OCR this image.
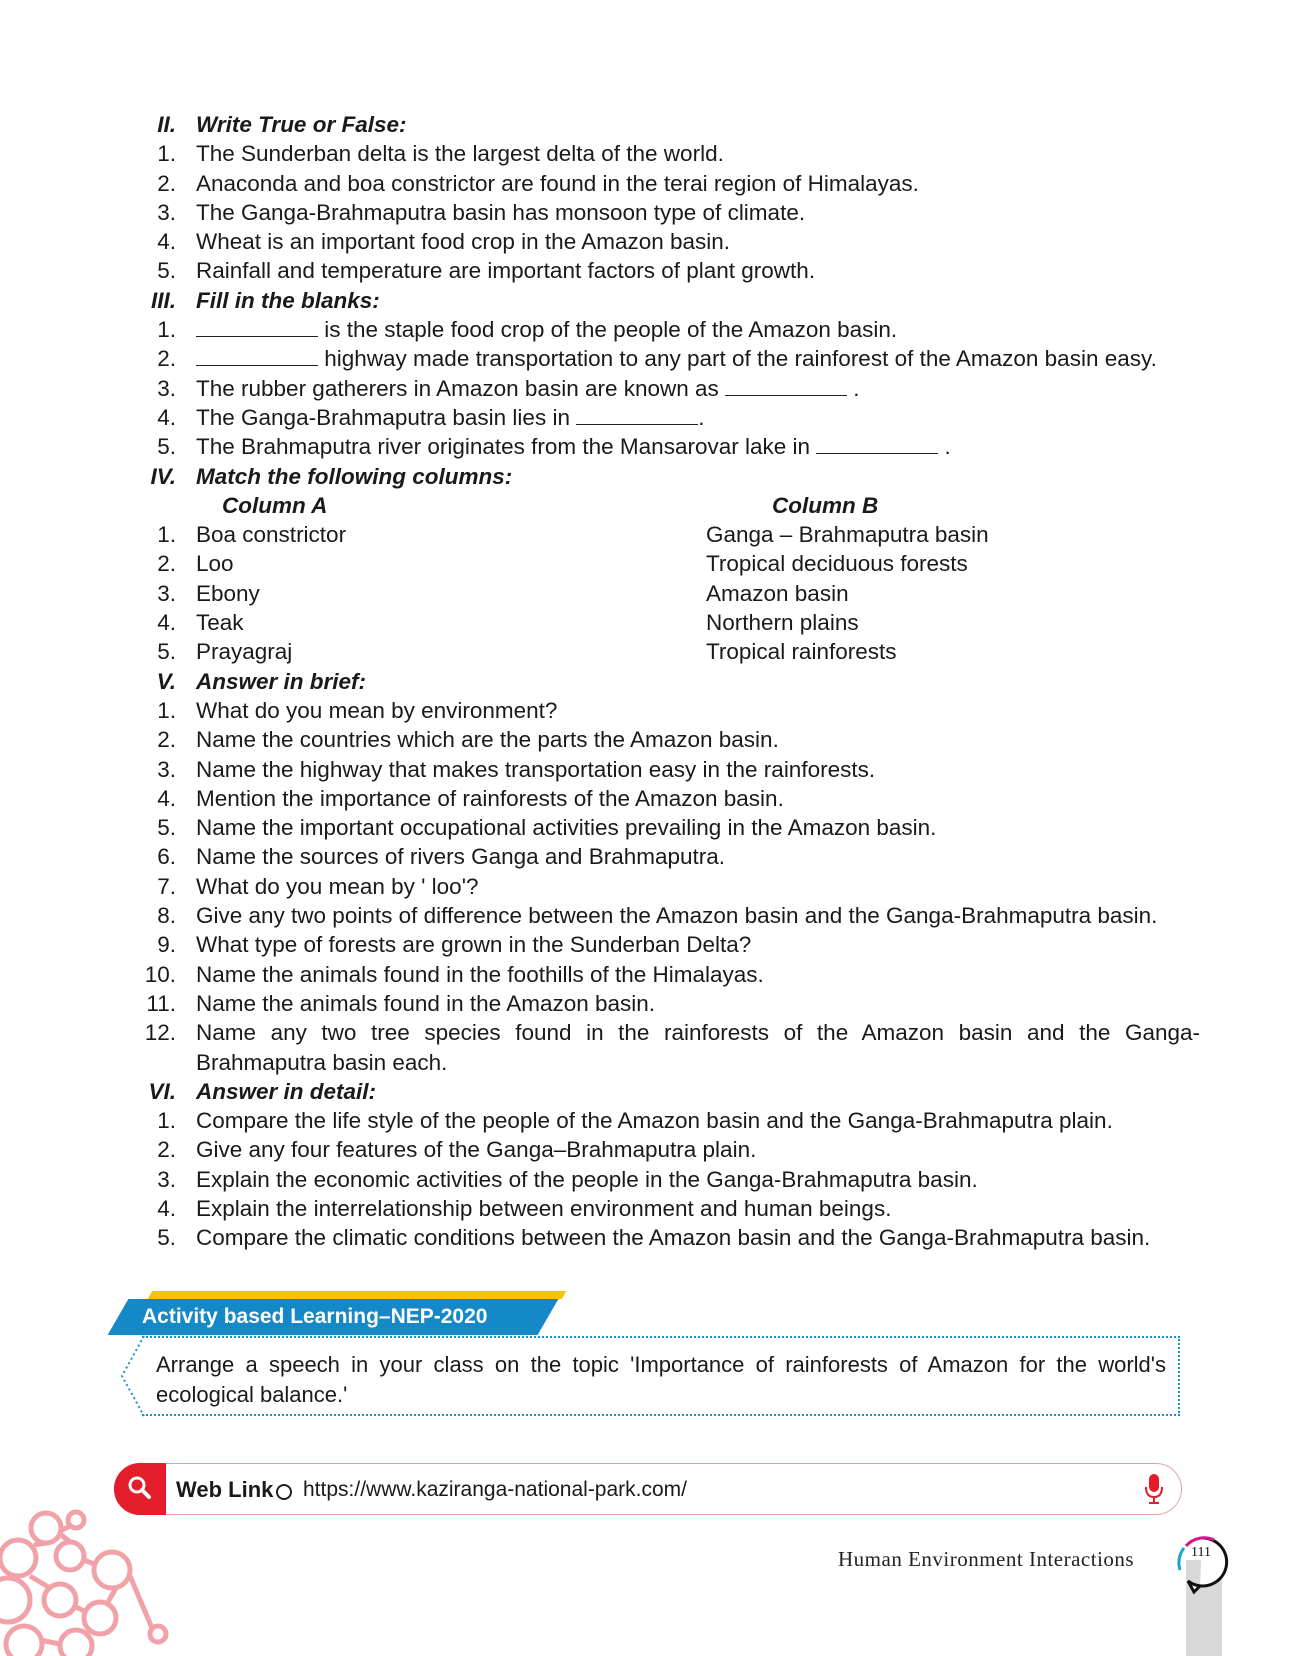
II. Write True or False:
1. The Sunderban delta is the largest delta of the world.
2. Anaconda and boa constrictor are found in the terai region of Himalayas.
3. The Ganga-Brahmaputra basin has monsoon type of climate.
4. Wheat is an important food crop in the Amazon basin.
5. Rainfall and temperature are important factors of plant growth.
III. Fill in the blanks:
1.	is the staple food crop of the people of the Amazon basin.
2.	highway made transportation to any part of the rainforest of the Amazon basin easy.
3. The rubber gatherers in Amazon basin are known as	.
4. The Ganga-Brahmaputra basin lies in	.
5. The Brahmaputra river originates from the Mansarovar lake in	.
IV. Match the following columns:
Column A	Column B
1. Boa constrictor	Ganga – Brahmaputra basin
2. Loo	Tropical deciduous forests
3. Ebony	Amazon basin
4. Teak	Northern plains
5. Prayagraj	Tropical rainforests
V. Answer in brief:
1. What do you mean by environment?
2. Name the countries which are the parts the Amazon basin.
3. Name the highway that makes transportation easy in the rainforests.
4. Mention the importance of rainforests of the Amazon basin.
5. Name the important occupational activities prevailing in the Amazon basin.
6. Name the sources of rivers Ganga and Brahmaputra.
7. What do you mean by ' loo'?
8. Give any two points of difference between the Amazon basin and the Ganga-Brahmaputra basin.
9. What type of forests are grown in the Sunderban Delta?
10. Name the animals found in the foothills of the Himalayas.
11. Name the animals found in the Amazon basin.
12. Name any two tree species found in the rainforests of the Amazon basin and the Ganga-Brahmaputra basin each.
VI. Answer in detail:
1. Compare the life style of the people of the Amazon basin and the Ganga-Brahmaputra plain.
2. Give any four features of the Ganga–Brahmaputra plain.
3. Explain the economic activities of the people in the Ganga-Brahmaputra basin.
4. Explain the interrelationship between environment and human beings.
5. Compare the climatic conditions between the Amazon basin and the Ganga-Brahmaputra basin.
Activity based Learning–NEP-2020
Arrange a speech in your class on the topic 'Importance of rainforests of Amazon for the world's ecological balance.'
Web Link https://www.kaziranga-national-park.com/
Human Environment Interactions	111
